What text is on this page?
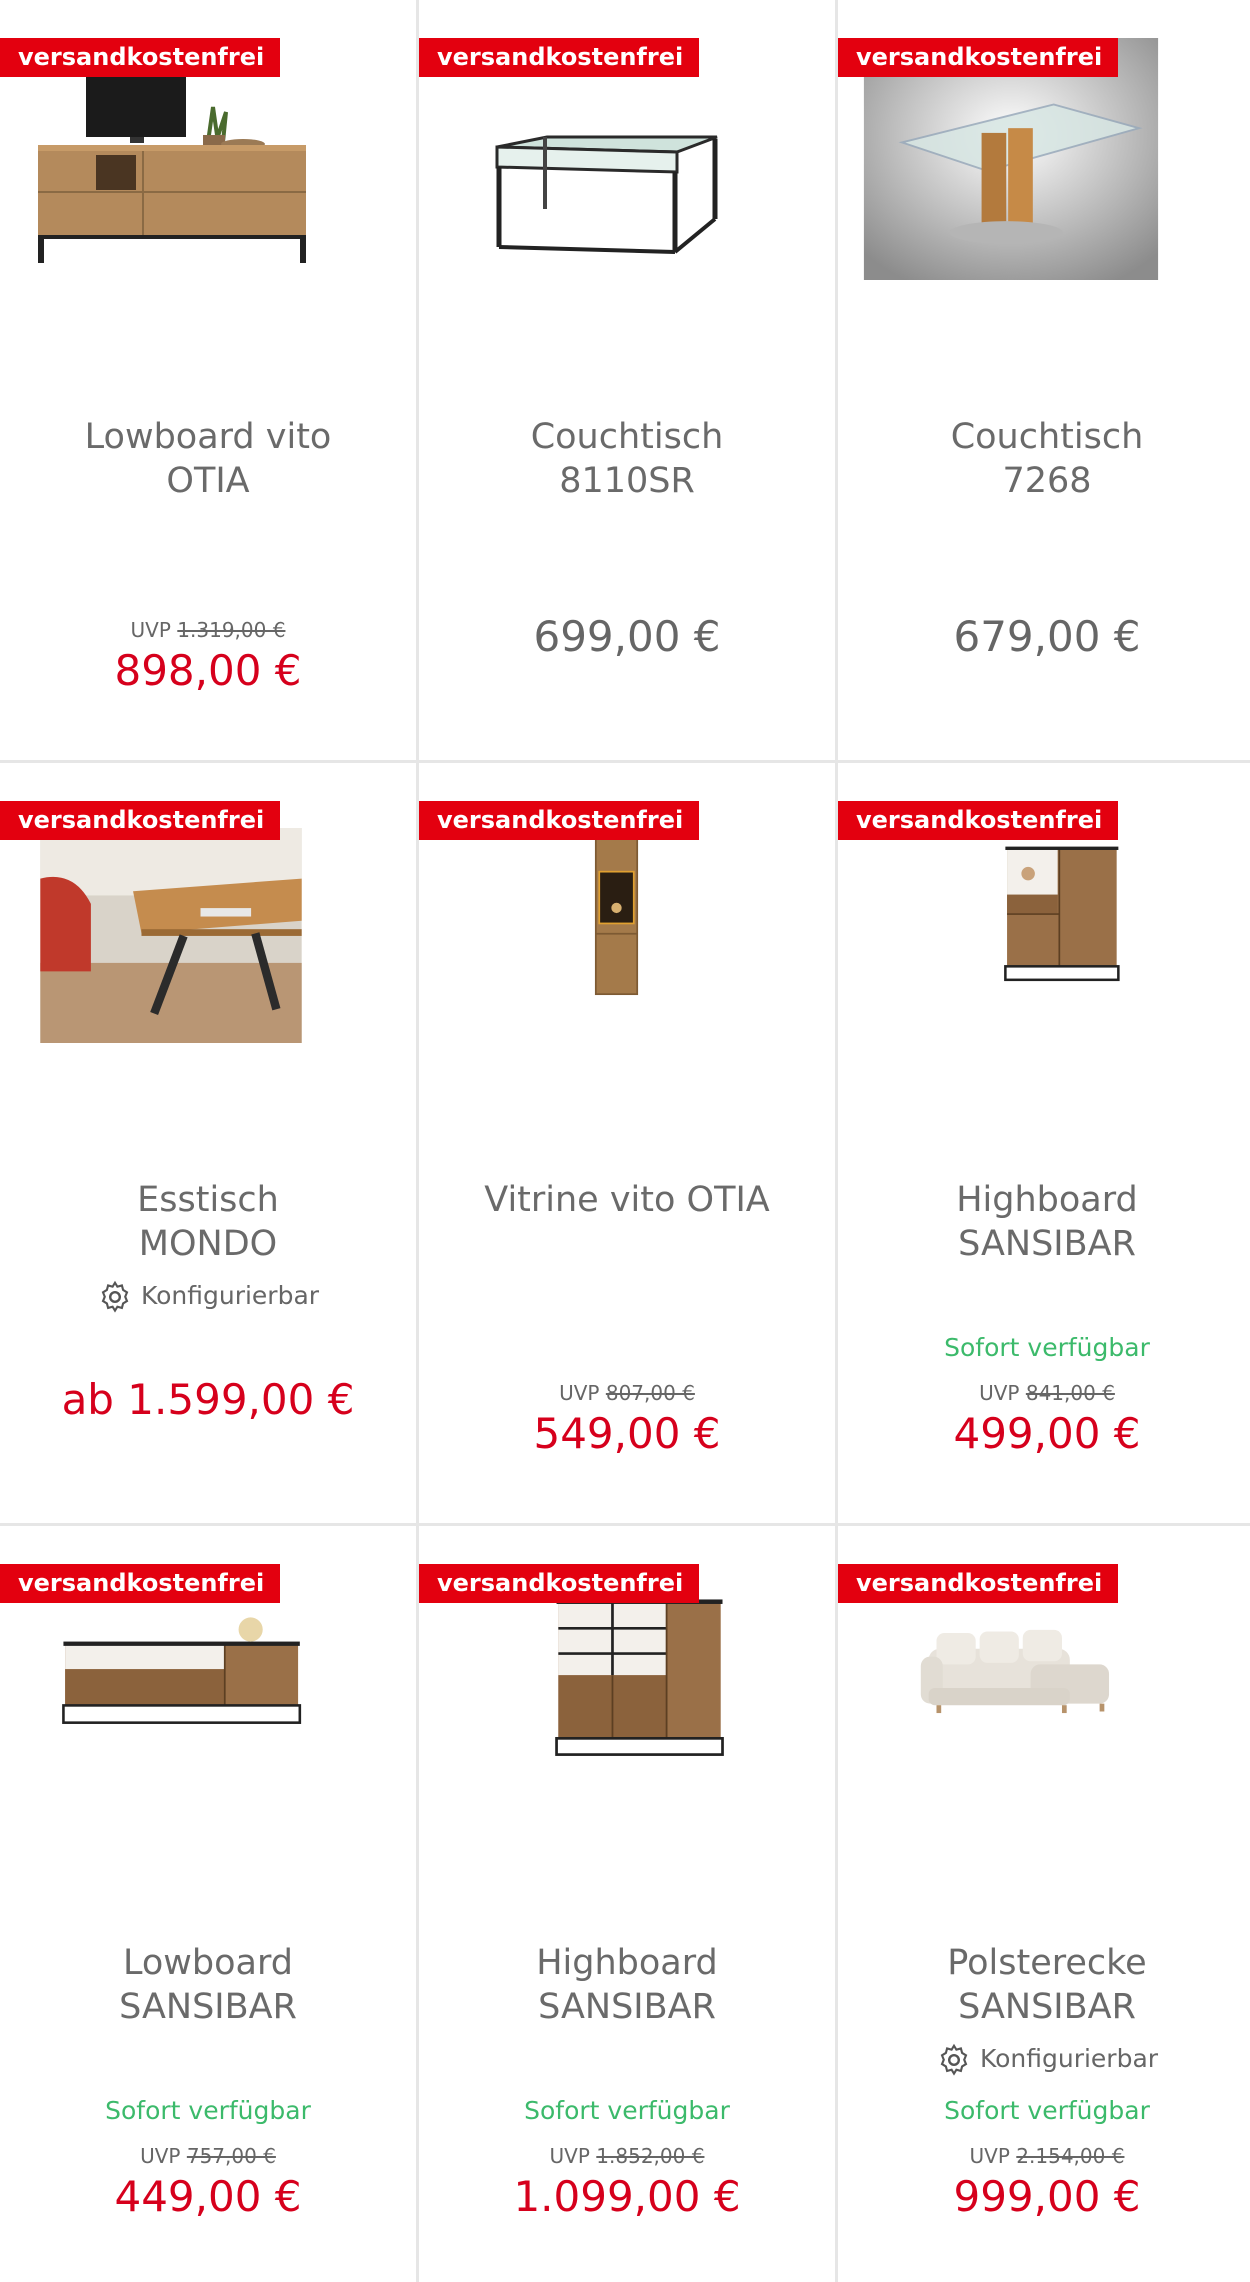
versandkostenfrei
Lowboard vito
OTIA
UVP 1.319,00 €
898,00 €
versandkostenfrei
Couchtisch
8110SR
699,00 €
versandkostenfrei
Couchtisch
7268
679,00 €
versandkostenfrei
Esstisch
MONDO
Konfigurierbar
ab 1.599,00 €
versandkostenfrei
Vitrine vito OTIA
UVP 807,00 €
549,00 €
versandkostenfrei
Highboard
SANSIBAR
Sofort verfügbar
UVP 841,00 €
499,00 €
versandkostenfrei
Lowboard
SANSIBAR
Sofort verfügbar
UVP 757,00 €
449,00 €
versandkostenfrei
Highboard
SANSIBAR
Sofort verfügbar
UVP 1.852,00 €
1.099,00 €
versandkostenfrei
Polsterecke
SANSIBAR
Konfigurierbar
Sofort verfügbar
UVP 2.154,00 €
999,00 €
